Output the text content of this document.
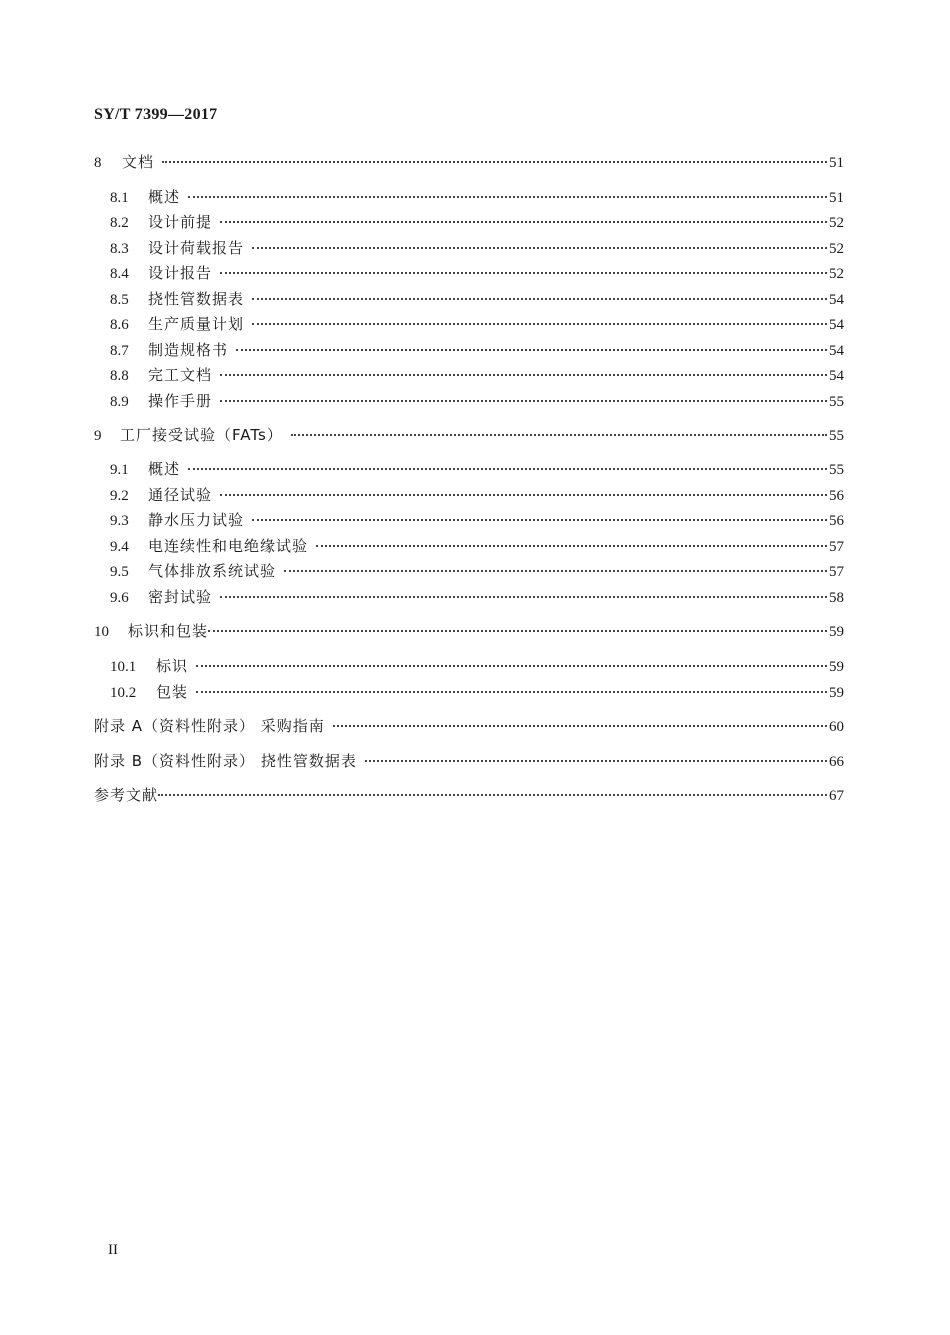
SY/T 7399—2017
8	文档	51
8.1	概述	51
8.2	设计前提	52
8.3	设计荷载报告	52
8.4	设计报告	52
8.5	挠性管数据表	54
8.6	生产质量计划	54
8.7	制造规格书	54
8.8	完工文档	54
8.9	操作手册	55
9	工厂接受试验（FATs）	55
9.1	概述	55
9.2	通径试验	56
9.3	静水压力试验	56
9.4	电连续性和电绝缘试验	57
9.5	气体排放系统试验	57
9.6	密封试验	58
10	标识和包装	59
10.1	标识	59
10.2	包装	59
附录 A（资料性附录） 采购指南	60
附录 B（资料性附录） 挠性管数据表	66
参考文献	67
II
